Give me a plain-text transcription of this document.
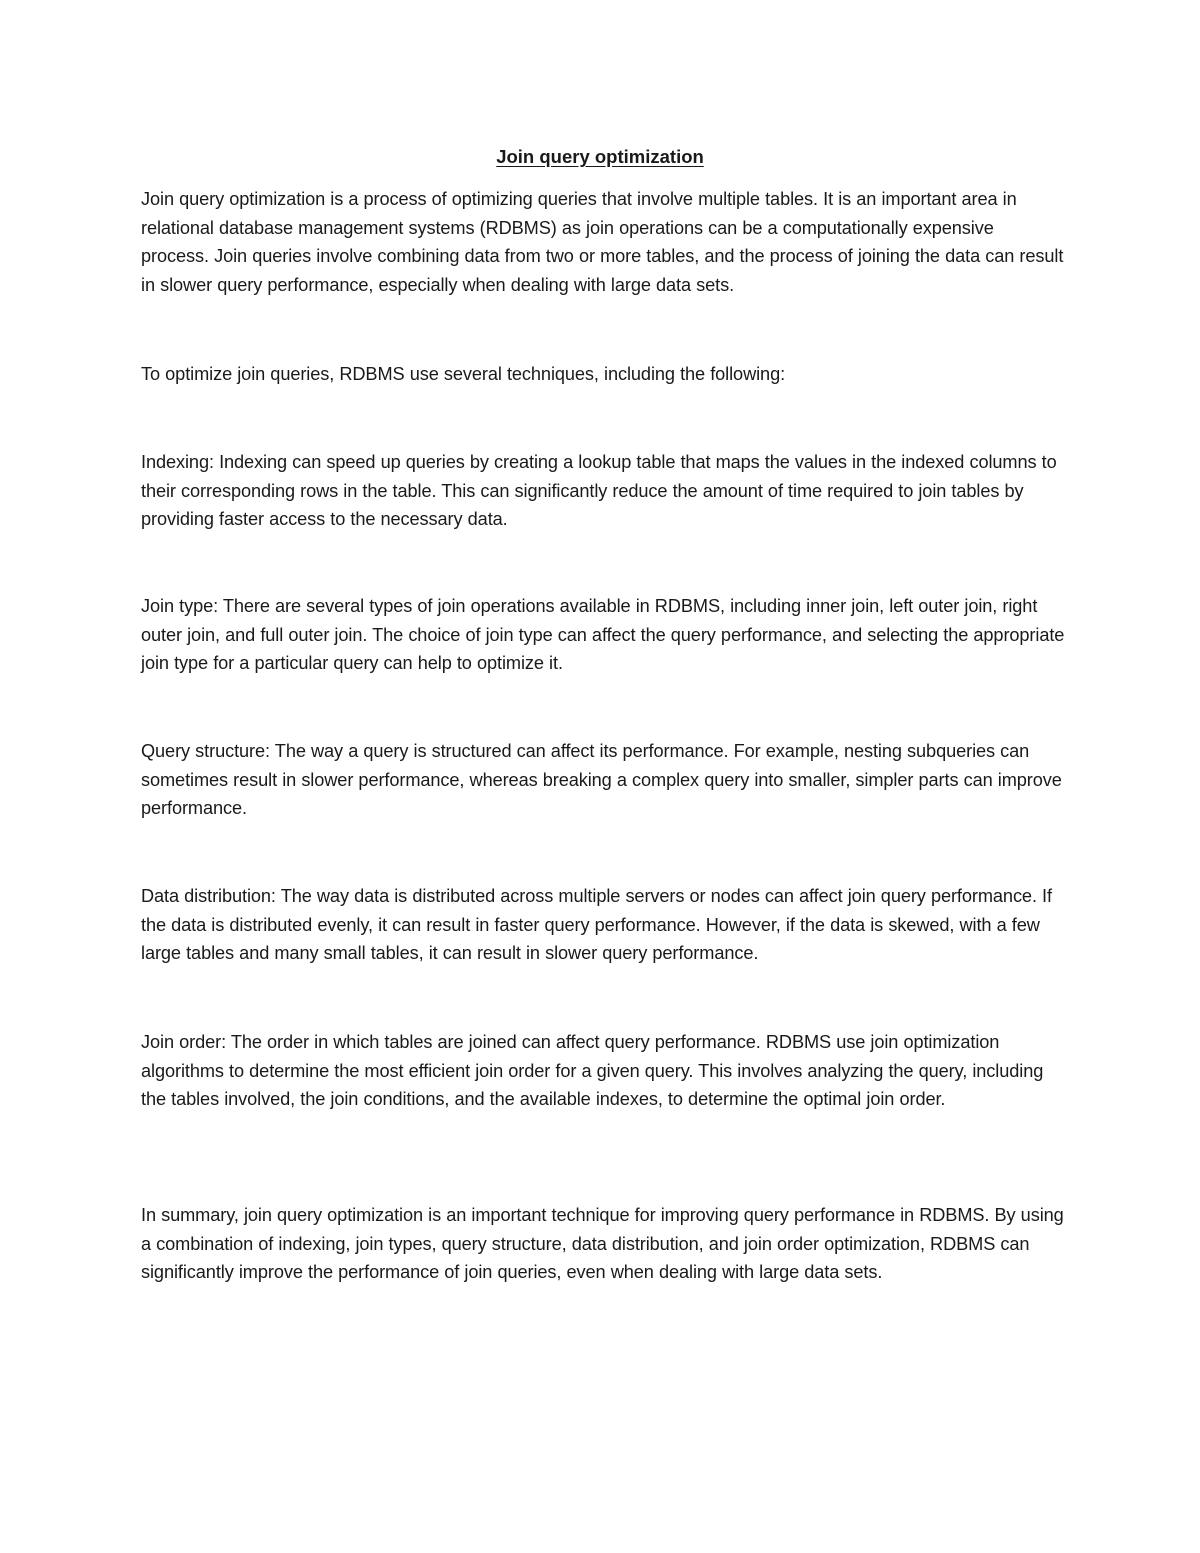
Join query optimization

Join query optimization is a process of optimizing queries that involve multiple tables. It is an important area in relational database management systems (RDBMS) as join operations can be a computationally expensive process. Join queries involve combining data from two or more tables, and the process of joining the data can result in slower query performance, especially when dealing with large data sets.

To optimize join queries, RDBMS use several techniques, including the following:

Indexing: Indexing can speed up queries by creating a lookup table that maps the values in the indexed columns to their corresponding rows in the table. This can significantly reduce the amount of time required to join tables by providing faster access to the necessary data.

Join type: There are several types of join operations available in RDBMS, including inner join, left outer join, right outer join, and full outer join. The choice of join type can affect the query performance, and selecting the appropriate join type for a particular query can help to optimize it.

Query structure: The way a query is structured can affect its performance. For example, nesting subqueries can sometimes result in slower performance, whereas breaking a complex query into smaller, simpler parts can improve performance.

Data distribution: The way data is distributed across multiple servers or nodes can affect join query performance. If the data is distributed evenly, it can result in faster query performance. However, if the data is skewed, with a few large tables and many small tables, it can result in slower query performance.

Join order: The order in which tables are joined can affect query performance. RDBMS use join optimization algorithms to determine the most efficient join order for a given query. This involves analyzing the query, including the tables involved, the join conditions, and the available indexes, to determine the optimal join order.

In summary, join query optimization is an important technique for improving query performance in RDBMS. By using a combination of indexing, join types, query structure, data distribution, and join order optimization, RDBMS can significantly improve the performance of join queries, even when dealing with large data sets.
